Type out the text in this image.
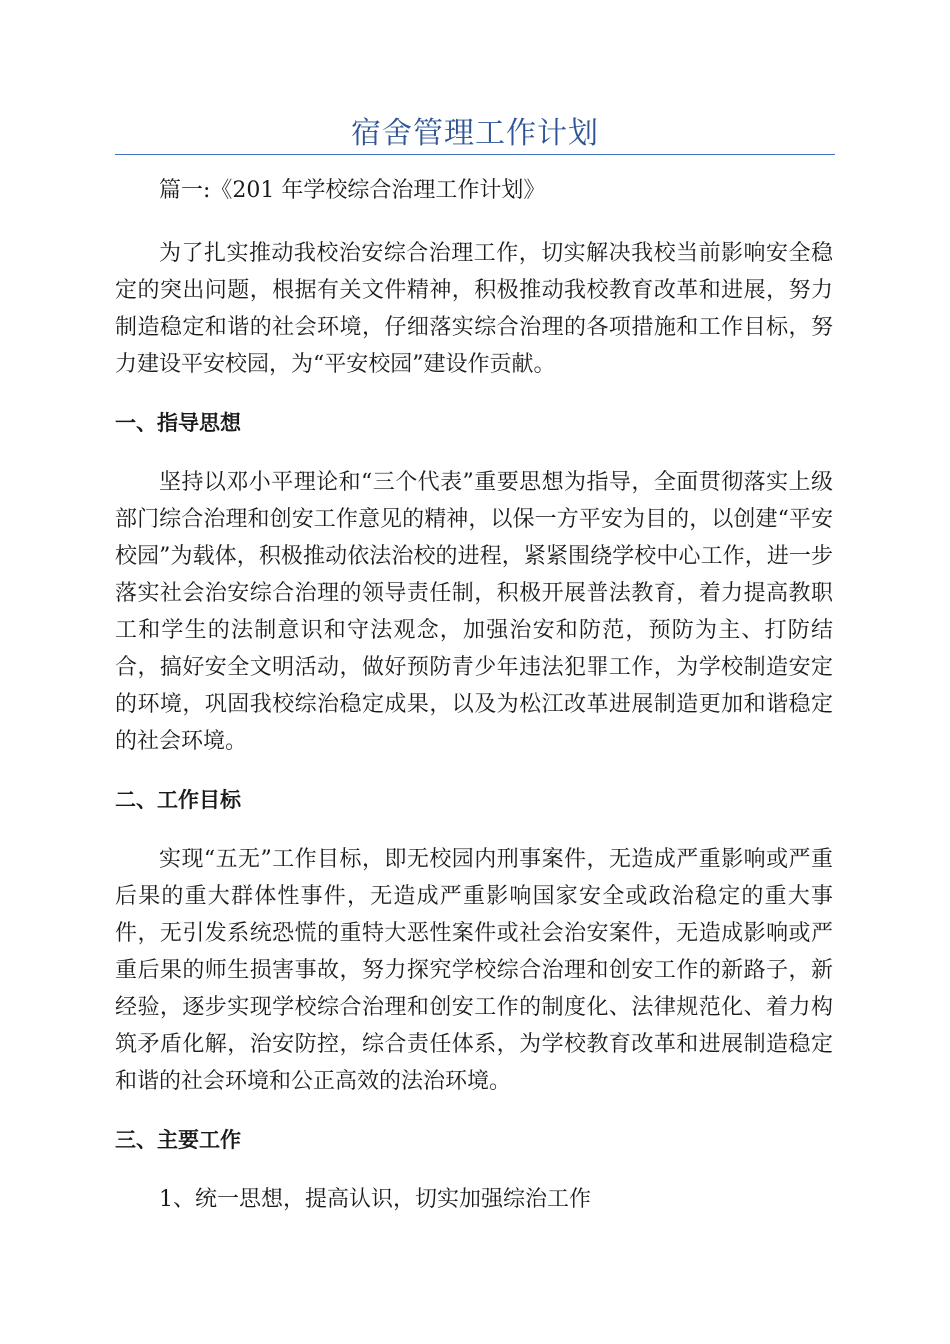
宿舍管理工作计划

篇一:《201 年学校综合治理工作计划》

为了扎实推动我校治安综合治理工作，切实解决我校当前影响安全稳定的突出问题，根据有关文件精神，积极推动我校教育改革和进展，努力制造稳定和谐的社会环境，仔细落实综合治理的各项措施和工作目标，努力建设平安校园，为“平安校园”建设作贡献。

一、指导思想

坚持以邓小平理论和“三个代表”重要思想为指导，全面贯彻落实上级部门综合治理和创安工作意见的精神，以保一方平安为目的，以创建“平安校园”为载体，积极推动依法治校的进程，紧紧围绕学校中心工作，进一步落实社会治安综合治理的领导责任制，积极开展普法教育，着力提高教职工和学生的法制意识和守法观念，加强治安和防范，预防为主、打防结合，搞好安全文明活动，做好预防青少年违法犯罪工作，为学校制造安定的环境，巩固我校综治稳定成果，以及为松江改革进展制造更加和谐稳定的社会环境。

二、工作目标

实现“五无”工作目标，即无校园内刑事案件，无造成严重影响或严重后果的重大群体性事件，无造成严重影响国家安全或政治稳定的重大事件，无引发系统恐慌的重特大恶性案件或社会治安案件，无造成影响或严重后果的师生损害事故，努力探究学校综合治理和创安工作的新路子，新经验，逐步实现学校综合治理和创安工作的制度化、法律规范化、着力构筑矛盾化解，治安防控，综合责任体系，为学校教育改革和进展制造稳定和谐的社会环境和公正高效的法治环境。

三、主要工作

1、统一思想，提高认识，切实加强综治工作
